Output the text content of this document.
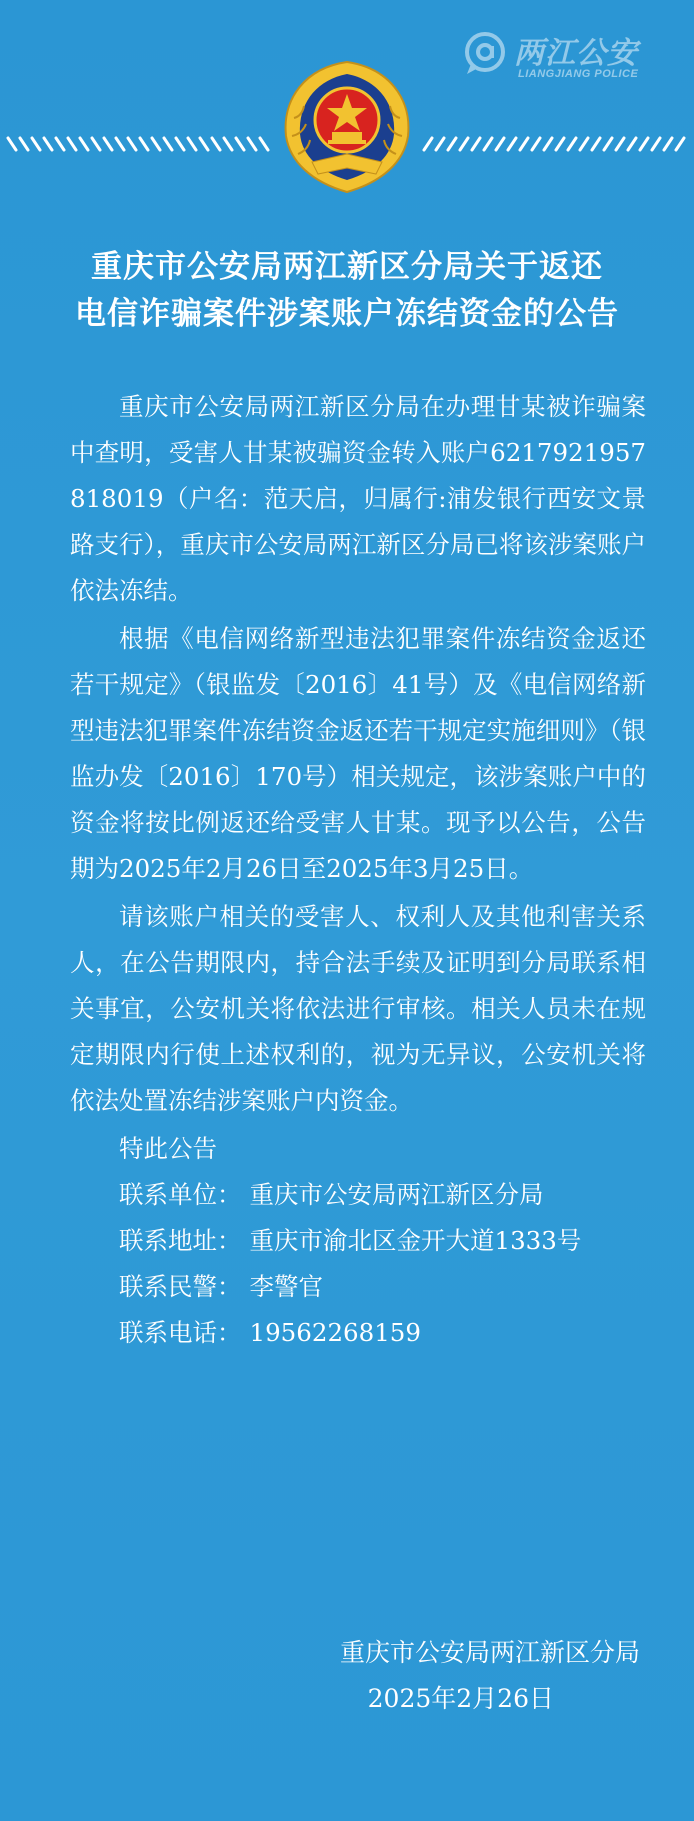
两江公安
LIANGJIANG POLICE
重庆市公安局两江新区分局关于返还
电信诈骗案件涉案账户冻结资金的公告

重庆市公安局两江新区分局在办理甘某被诈骗案中查明，受害人甘某被骗资金转入账户6217921957818019（户名：范天启，归属行:浦发银行西安文景路支行），重庆市公安局两江新区分局已将该涉案账户依法冻结。

根据《电信网络新型违法犯罪案件冻结资金返还若干规定》（银监发〔2016〕41号）及《电信网络新型违法犯罪案件冻结资金返还若干规定实施细则》（银监办发〔2016〕170号）相关规定，该涉案账户中的资金将按比例返还给受害人甘某。现予以公告，公告期为2025年2月26日至2025年3月25日。

请该账户相关的受害人、权利人及其他利害关系人，在公告期限内，持合法手续及证明到分局联系相关事宜，公安机关将依法进行审核。相关人员未在规定期限内行使上述权利的，视为无异议，公安机关将依法处置冻结涉案账户内资金。

特此公告
联系单位： 重庆市公安局两江新区分局
联系地址： 重庆市渝北区金开大道1333号
联系民警： 李警官
联系电话： 19562268159
重庆市公安局两江新区分局
2025年2月26日
